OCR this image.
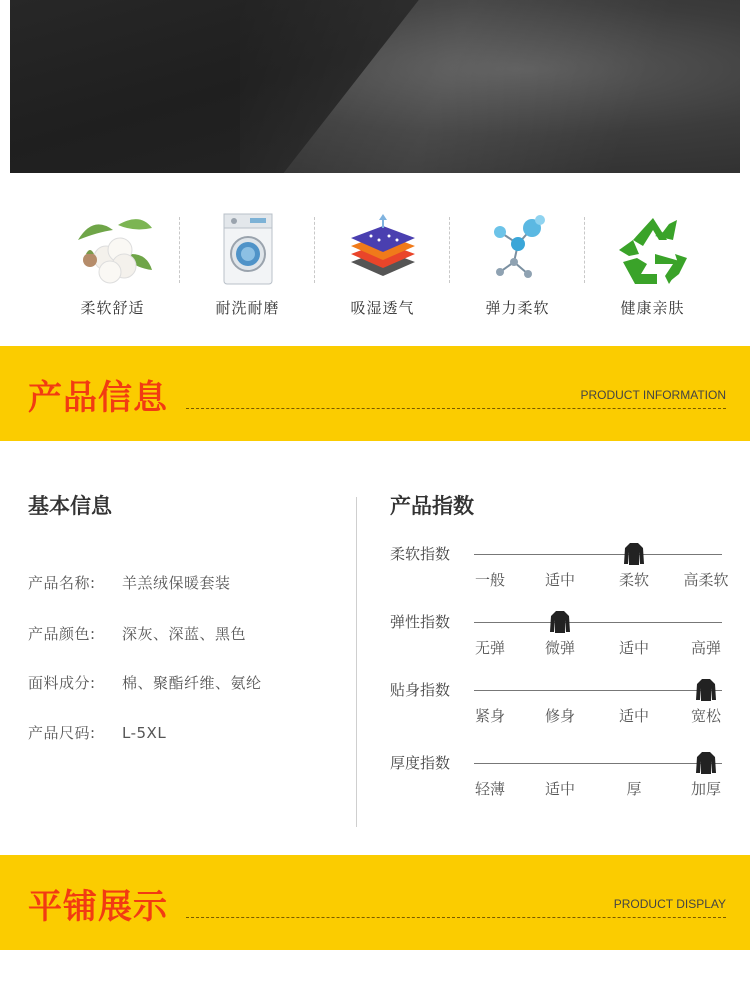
柔软舒适	耐洗耐磨	吸湿透气	弹力柔软	健康亲肤
产品信息	PRODUCT INFORMATION
基本信息
产品名称: 羊羔绒保暖套装
产品颜色: 深灰、深蓝、黑色
面料成分: 棉、聚酯纤维、氨纶
产品尺码: L-5XL
产品指数
柔软指数
一般	适中	柔软 高柔软
弹性指数
无弹	微弹	适中	高弹
贴身指数
紧身	修身	适中	宽松
厚度指数
轻薄	适中	厚	加厚
平铺展示	PRODUCT DISPLAY
